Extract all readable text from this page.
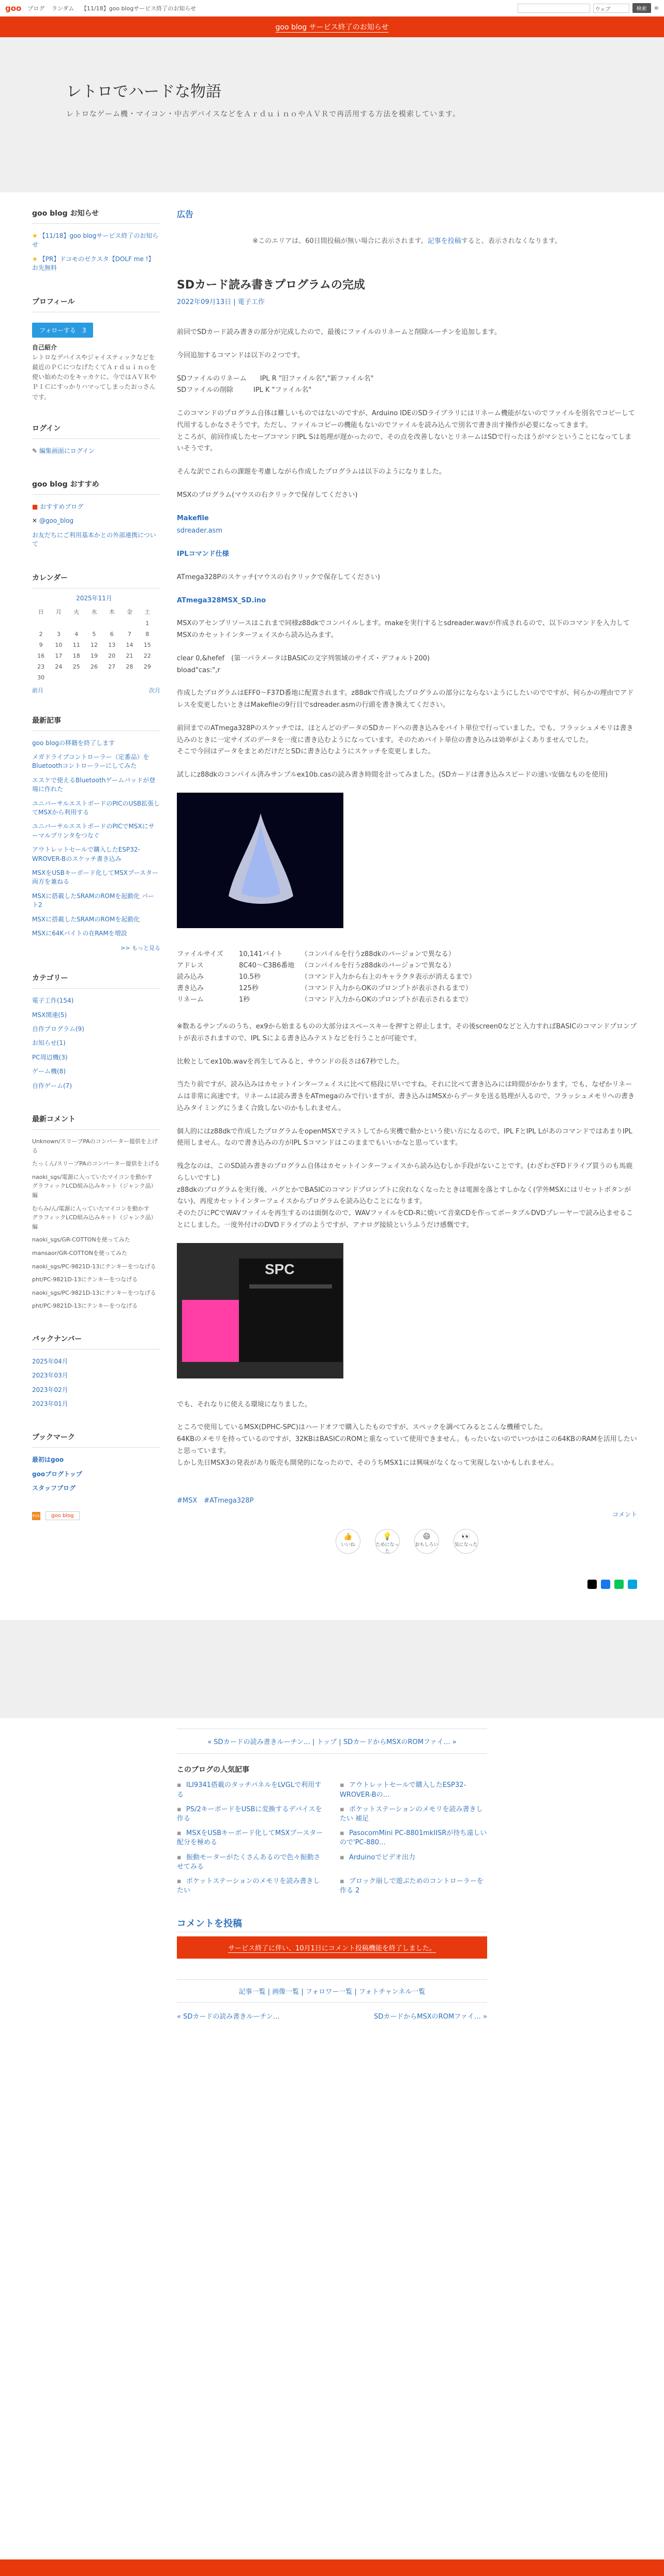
goo ブログ ランダム 【11/18】goo blogサービス終了のお知らせ	ウェブ	検索	≡
goo blog サービス終了のお知らせ
レトロでハードな物語

レトロなゲーム機・マイコン・中古デバイスなどをＡｒｄｕｉｎｏやＡＶＲで再活用する方法を模索しています。

goo blog お知らせ
★ 【11/18】goo blogサービス終了のお知らせ
★ 【PR】ドコモのゼクスタ【DOLF me !】お先無料
プロフィール
フォローする　 3
自己紹介
レトロなデバイスやジャイスティックなどを最近のＰＣにつなげたくてＡｒｄｕｉｎｏを使い始めたのをキッカケに、今ではＡＶＲやＰＩＣにすっかりハマってしまったおっさんです。
ログイン
✎ 編集画面にログイン
goo blog おすすめ
■ おすすめブログ
✕ @goo_blog
お友だちにご利用基本かとの外部連携について
カレンダー
2025年11月
日	月	火	水	木	金	土
						1
2	3	4	5	6	7	8
9	10	11	12	13	14	15
16	17	18	19	20	21	22
23	24	25	26	27	28	29
30						
前月	次月
最新記事
goo blogの移籍を終了します
メガドライブコントローラー（定番品）をBluetoothコントローラーにしてみた
エスケで使えるBluetoothゲームパッドが登場に作れた
ユニバーサルエストボードのPICのUSB拡張してMSXから利用する
ユニバーサルエストボードのPICでMSXにサーマルプリンタをつなぐ
アウトレットセールで購入したESP32-WROVER-Bのスケッチ書き込み
MSXをUSBキーボード化してMSXブースター両方を兼ねる
MSXに搭載したSRAMのROMを起動化 パート2
MSXに搭載したSRAMのROMを起動化
MSXに64Kバイトの在RAMを増設
>> もっと見る
カテゴリー
電子工作(154)
MSX関連(5)
自作プログラム(9)
お知らせ(1)
PC周辺機(3)
ゲーム機(8)
自作ゲーム(7)
最新コメント
Unknown/スリーブPAのコンバーター提供を上げる
たっくん/スリーブPAのコンバーター提供を上げる
naoki_sgs/電源に入っていたマイコンを動かす　グラフィックLCD組み込みキット（ジャンク品）編
むらみ/ん/電源に入っていたマイコンを動かす　グラフィックLCD組み込みキット（ジャンク品）編
naoki_sgs/GR-COTTONを使ってみた
mansaor/GR-COTTONを使ってみた
naoki_sgs/PC-9821D-13にテンキーをつなげる
pht/PC-9821D-13にテンキーをつなげる
naoki_sgs/PC-9821D-13にテンキーをつなげる
pht/PC-9821D-13にテンキーをつなげる
バックナンバー
2025年04月
2023年03月
2023年02月
2023年01月
ブックマーク
最初はgoo
gooブログトップ
スタッフブログ
RSS goo blog
広告
※このエリアは、60日間投稿が無い場合に表示されます。記事を投稿すると、表示されなくなります。
SDカード読み書きプログラムの完成
2022年09月13日 | 電子工作

前回でSDカード読み書きの部分が完成したので、最後にファイルのリネームと削除ルーチンを追加します。

今回追加するコマンドは以下の２つです。

SDファイルのリネーム　　IPL R "旧ファイル名","新ファイル名"
SDファイルの削除　　　IPL K "ファイル名"

このコマンドのプログラム自体は難しいものではないのですが、Arduino IDEのSDライブラリにはリネーム機能がないのでファイルを別名でコピーして代用するしかなさそうです。ただし、ファイルコピーの機能もないのでファイルを読み込んで別名で書き出す操作が必要になってきます。
ところが、前回作成したセーブコマンドIPL Sは処理が遅かったので、その点を改善しないとリネームはSDで行ったほうがマシということになってしまいそうです。

そんな訳でこれらの課題を考慮しながら作成したプログラムは以下のようになりました。

MSXのプログラム(マウスの右クリックで保存してください)

Makefile
sdreader.asm

IPLコマンド仕様

ATmega328Pのスケッチ(マウスの右クリックで保存してください)

ATmega328MSX_SD.ino

MSXのアセンブリソースはこれまで同様z88dkでコンパイルします。makeを実行するとsdreader.wavが作成されるので、以下のコマンドを入力してMSXのカセットインターフェイスから読み込みます。

clear 0,&hefef　(第一パラメータはBASICの文字列領域のサイズ・デフォルト200)
bload"cas:",r

作成したプログラムはEFF0〜F37D番地に配置されます。z88dkで作成したプログラムの部分にならないようにしたいのでですが、何らかの理由でアドレスを変更したいときはMakefileの9行目でsdreader.asmの行頭を書き換えてください。

前回までのATmega328Pのスケッチでは、ほとんどのデータのSDカードへの書き込みをバイト単位で行っていました。でも、フラッシュメモリは書き込みのときに一定サイズのデータを一度に書き込むようになっています。そのためバイト単位の書き込みは効率がよくありませんでした。
そこで今回はデータをまとめだけだとSDに書き込むようにスケッチを変更しました。

試しにz88dkのコンパイル済みサンプルex10b.casの読み書き時間を計ってみました。(SDカードは書き込みスピードの速い安価なものを使用)

ファイルサイズ	10,141バイト	（コンパイルを行うz88dkのバージョンで異なる）
アドレス	8C40〜C3B6番地 （コンパイルを行うz88dkのバージョンで異なる）
読み込み	10.5秒	（コマンド入力から右上のキャラクタ表示が消えるまで）
書き込み	125秒	（コマンド入力からOKのプロンプトが表示されるまで）
リネーム	1秒	（コマンド入力からOKのプロンプトが表示されるまで）

※数あるサンプルのうち、ex9から始まるものの大部分はスペースキーを押すと停止します。その後screen0などと入力すればBASICのコマンドプロンプトが表示されますので、IPL Sによる書き込みテストなどを行うことが可能です。

比較としてex10b.wavを再生してみると、サウンドの長さは67秒でした。

当たり前ですが、読み込みはカセットインターフェイスに比べて格段に早いですね。それに比べて書き込みには時間がかかります。でも、なぜかリネームは非常に高速です。リネームは読み書きをATmegaのみで行いますが、書き込みはMSXからデータを送る処理が入るので、フラッシュメモリへの書き込みタイミングにうまく合致しないのかもしれません。

個人的にはz88dkで作成したプログラムをopenMSXでテストしてから実機で動かという使い方になるので、IPL FとIPL LがあのコマンドではあまりIPL使用しません。なので書き込みの方がIPL Sコマンドはこのままでもいいかなと思っています。

残念なのは、このSD読み書きのプログラム自体はカセットインターフェイスから読み込むしか手段がないことです。(わざわざFDドライブ買うのも馬鹿らしいですし)
z88dkのプログラムを実行後、パグとかでBASICのコマンドプロンプトに戻れなくなったときは電源を落とすしかなく(学外MSXにはリセットボタンがない)、再度カセットインターフェイスからプログラムを読み込むことになります。
そのたびにPCでWAVファイルを再生するのは面倒なので、WAVファイルをCD-Rに焼いて音楽CDを作ってポータブルDVDプレーヤーで読み込ませることにしました。一度外付けのDVDドライブのようですが、アナログ接続というふうだけ感慨です。

SPC

でも、それなりに使える環境になりました。

ところで使用しているMSX(DPHC-SPC)はハードオフで購入したものですが、スペックを調べてみるとこんな機種でした。
64KBのメモリを持っているのですが、32KBはBASICのROMと重なっていて使用できません。もったいないのでいつかはこの64KBのRAMを活用したいと思っています。
しかし先日MSX3の発表があり販売も開発的になったので、そのうちMSX1には興味がなくなって実現しないかもしれません。

#MSX　#ATmega328P
コメント
👍
いいね
💡
ためになった
😄
おもしろい
👀
気になった
« SDカードの読み書きルーチン… | トップ | SDカードからMSXのROMファイ… »
このブログの人気記事
▪ ILI9341搭載のタッチパネルをLVGLで利用する
▪ アウトレットセールで購入したESP32-WROVER-Bの…
▪ PS/2キーボードをUSBに変換するデバイスを作る
▪ ポケットステーションのメモリを読み書きしたい 補足
▪ MSXをUSBキーボード化してMSXブースター配分を極める
▪ PasocomMini PC-8801mkIISRが待ち遠しいので'PC-880…
▪ 振動モーターがたくさんあるので色々振動させてみる
▪ Arduinoでビデオ出力
▪ ポケットステーションのメモリを読み書きしたい
▪ ブロック崩しで遊ぶためのコントローラーを作る 2
コメントを投稿
サービス終了に伴い、10月1日にコメント投稿機能を終了しました。
記事一覧 | 画像一覧 | フォロワー一覧 | フォトチャンネル一覧
« SDカードの読み書きルーチン…	SDカードからMSXのROMファイ… »
